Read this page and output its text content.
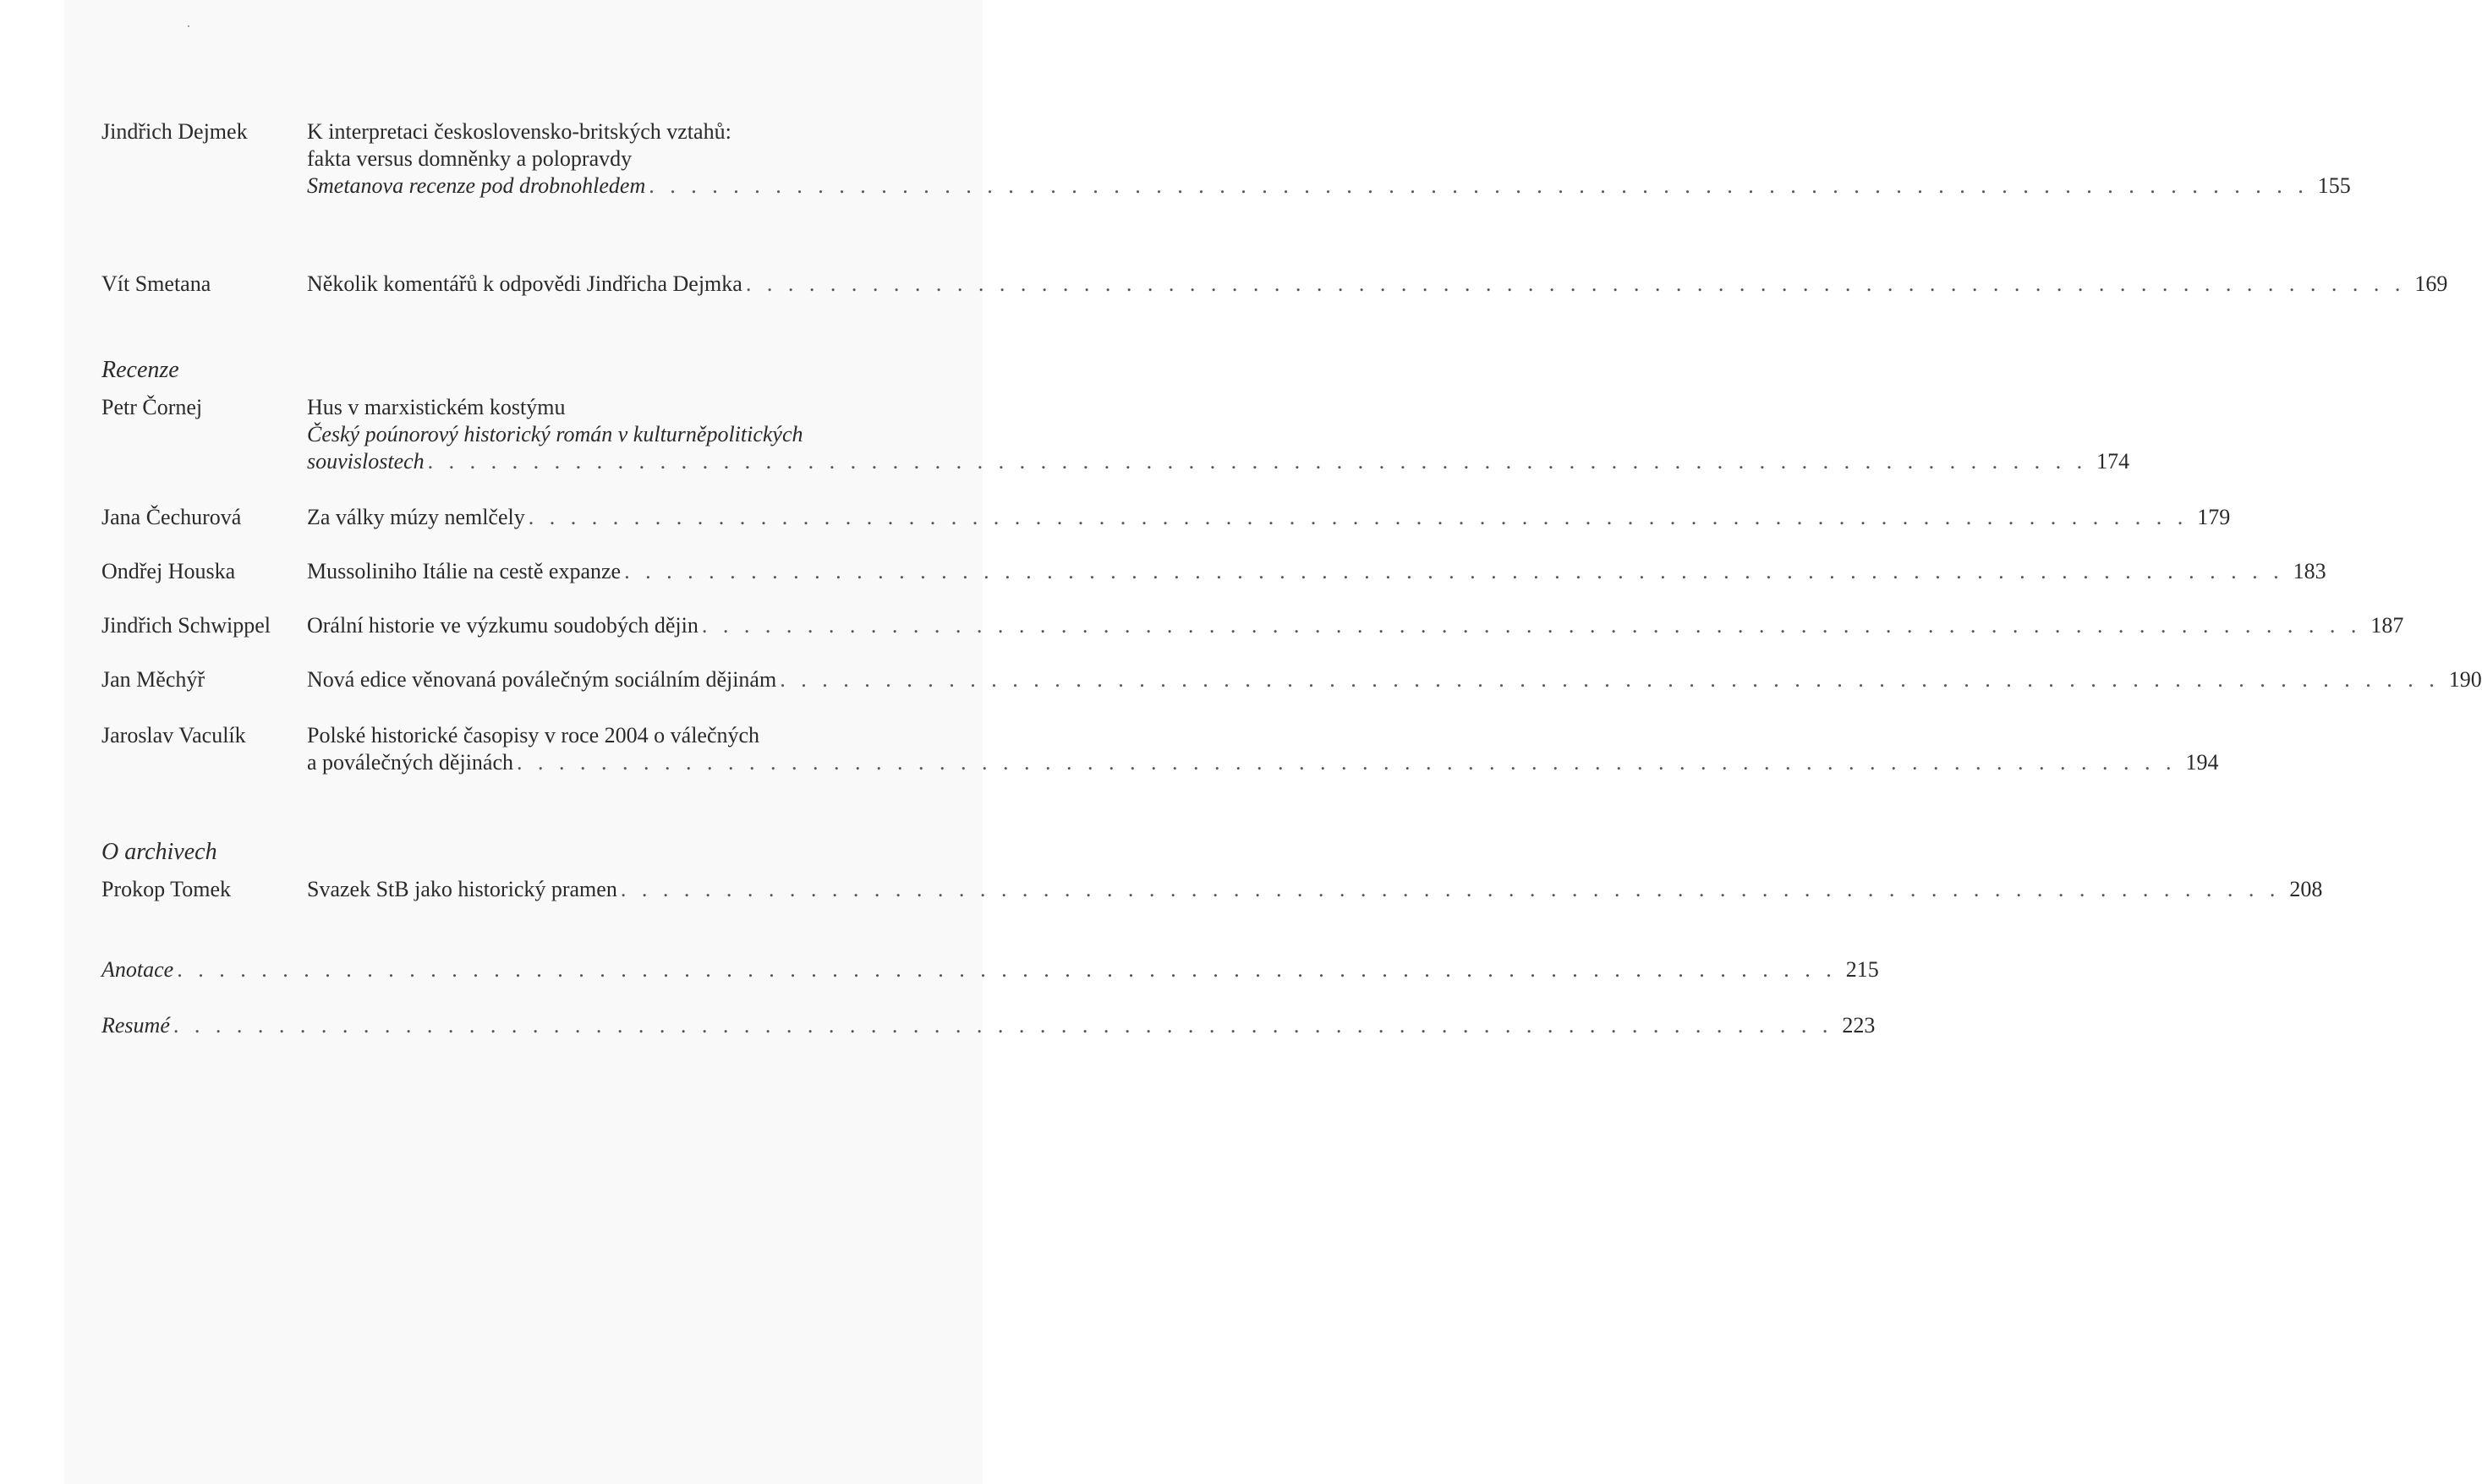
Jindřich Dejmek	K interpretaci československo-britských vztahů:
fakta versus domněnky a polopravdy
Smetanova recenze pod drobnohledem . . .	155
Vít Smetana	Několik komentářů k odpovědi Jindřicha Dejmka . . .	169
Recenze
Petr Čornej	Hus v marxistickém kostýmu
Český poúnorový historický román v kulturněpolitických
souvislostech . . .	174
Jana Čechurová	Za války múzy nemlčely . . .	179
Ondřej Houska	Mussoliniho Itálie na cestě expanze . . .	183
Jindřich Schwippel	Orální historie ve výzkumu soudobých dějin . . .	187
Jan Měchýř	Nová edice věnovaná poválečným sociálním dějinám . . .	190
Jaroslav Vaculík	Polské historické časopisy v roce 2004 o válečných
a poválečných dějinách . . .	194
O archivech
Prokop Tomek	Svazek StB jako historický pramen . . .	208
Anotace . . .	215
Resumé . . .	223
